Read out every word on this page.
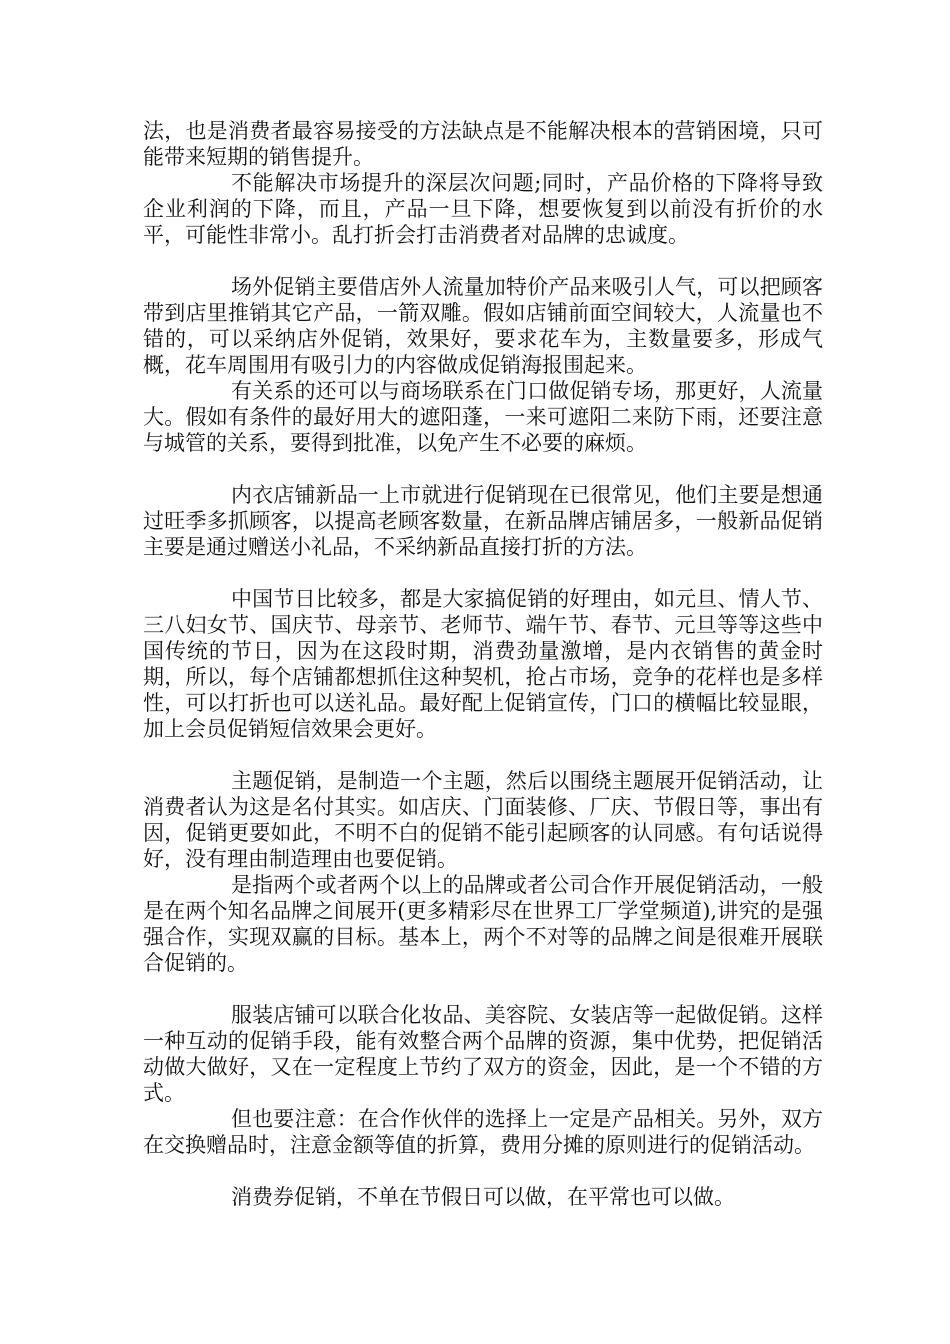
法，也是消费者最容易接受的方法缺点是不能解决根本的营销困境，只可能带来短期的销售提升。

不能解决市场提升的深层次问题;同时，产品价格的下降将导致企业利润的下降，而且，产品一旦下降，想要恢复到以前没有折价的水平，可能性非常小。乱打折会打击消费者对品牌的忠诚度。

场外促销主要借店外人流量加特价产品来吸引人气，可以把顾客带到店里推销其它产品，一箭双雕。假如店铺前面空间较大，人流量也不错的，可以采纳店外促销，效果好，要求花车为，主数量要多，形成气概，花车周围用有吸引力的内容做成促销海报围起来。

有关系的还可以与商场联系在门口做促销专场，那更好，人流量大。假如有条件的最好用大的遮阳蓬，一来可遮阳二来防下雨，还要注意与城管的关系，要得到批准，以免产生不必要的麻烦。

内衣店铺新品一上市就进行促销现在已很常见，他们主要是想通过旺季多抓顾客，以提高老顾客数量，在新品牌店铺居多，一般新品促销主要是通过赠送小礼品，不采纳新品直接打折的方法。

中国节日比较多，都是大家搞促销的好理由，如元旦、情人节、三八妇女节、国庆节、母亲节、老师节、端午节、春节、元旦等等这些中国传统的节日，因为在这段时期，消费劲量激增，是内衣销售的黄金时期，所以，每个店铺都想抓住这种契机，抢占市场，竞争的花样也是多样性，可以打折也可以送礼品。最好配上促销宣传，门口的横幅比较显眼，加上会员促销短信效果会更好。

主题促销，是制造一个主题，然后以围绕主题展开促销活动，让消费者认为这是名付其实。如店庆、门面装修、厂庆、节假日等，事出有因，促销更要如此，不明不白的促销不能引起顾客的认同感。有句话说得好，没有理由制造理由也要促销。

是指两个或者两个以上的品牌或者公司合作开展促销活动，一般是在两个知名品牌之间展开(更多精彩尽在世界工厂学堂频道),讲究的是强强合作，实现双赢的目标。基本上，两个不对等的品牌之间是很难开展联合促销的。

服装店铺可以联合化妆品、美容院、女装店等一起做促销。这样一种互动的促销手段，能有效整合两个品牌的资源，集中优势，把促销活动做大做好，又在一定程度上节约了双方的资金，因此，是一个不错的方式。

但也要注意：在合作伙伴的选择上一定是产品相关。另外，双方在交换赠品时，注意金额等值的折算，费用分摊的原则进行的促销活动。

消费券促销，不单在节假日可以做，在平常也可以做。
